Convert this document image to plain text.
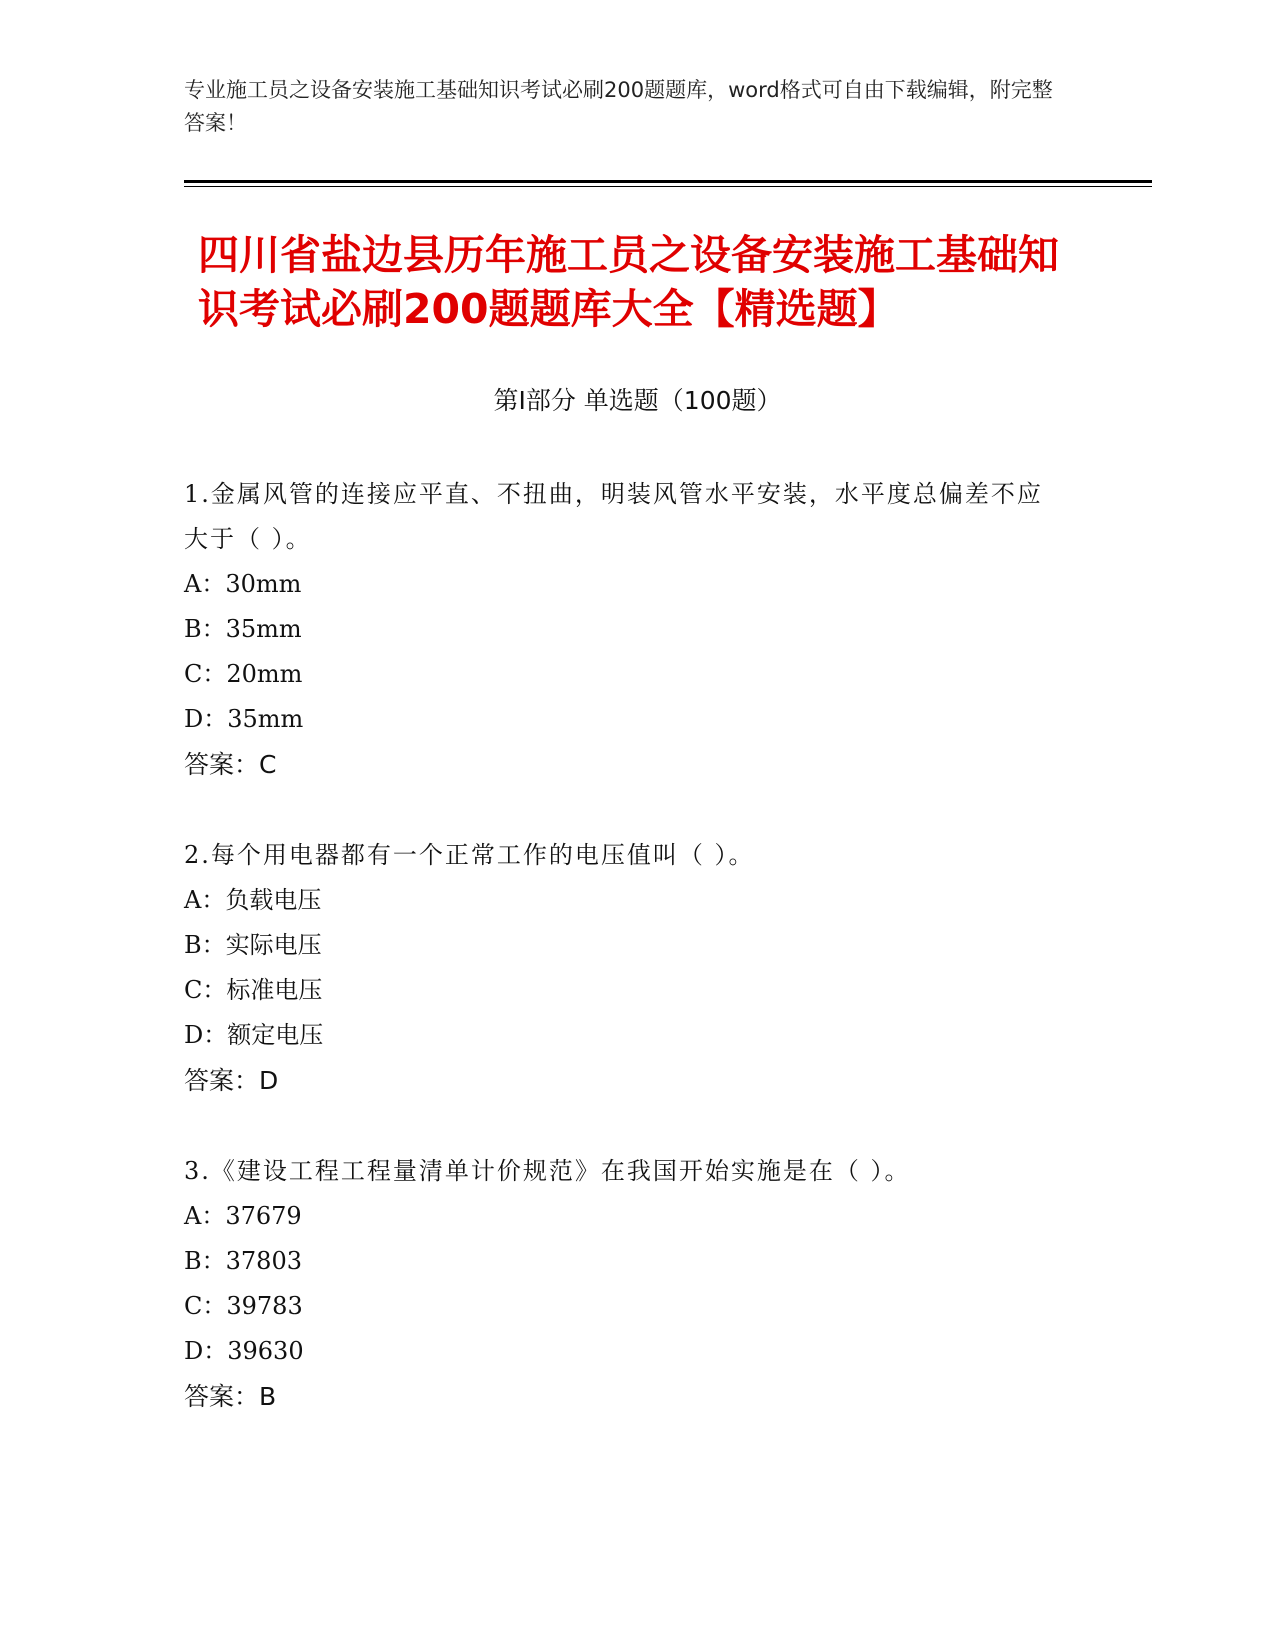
专业施工员之设备安装施工基础知识考试必刷200题题库，word格式可自由下载编辑，附完整答案！
四川省盐边县历年施工员之设备安装施工基础知识考试必刷200题题库大全【精选题】
第Ⅰ部分 单选题（100题）
1.金属风管的连接应平直、不扭曲，明装风管水平安装，水平度总偏差不应大于（ ）。
A：30mm
B：35mm
C：20mm
D：35mm
答案：C
2.每个用电器都有一个正常工作的电压值叫（ ）。
A：负载电压
B：实际电压
C：标准电压
D：额定电压
答案：D
3.《建设工程工程量清单计价规范》在我国开始实施是在（ ）。
A：37679
B：37803
C：39783
D：39630
答案：B
